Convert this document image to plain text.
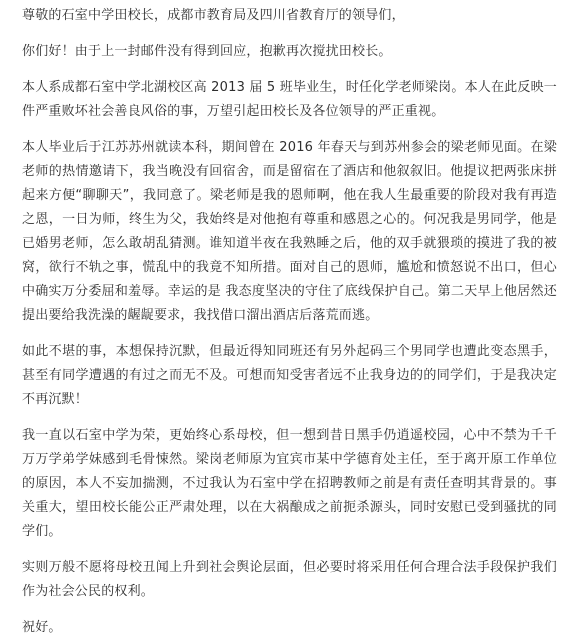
尊敬的石室中学田校长，成都市教育局及四川省教育厅的领导们，

你们好！由于上一封邮件没有得到回应，抱歉再次搅扰田校长。

本人系成都石室中学北湖校区高 2013 届 5 班毕业生，时任化学老师梁岗。本人在此反映一件严重败坏社会善良风俗的事，万望引起田校长及各位领导的严正重视。

本人毕业后于江苏苏州就读本科，期间曾在 2016 年春天与到苏州参会的梁老师见面。在梁老师的热情邀请下，我当晚没有回宿舍，而是留宿在了酒店和他叙叙旧。他提议把两张床拼起来方便“聊聊天”，我同意了。梁老师是我的恩师啊，他在我人生最重要的阶段对我有再造之恩，一日为师，终生为父，我始终是对他抱有尊重和感恩之心的。何况我是男同学，他是已婚男老师，怎么敢胡乱猜测。谁知道半夜在我熟睡之后，他的双手就猥琐的摸进了我的被窝，欲行不轨之事，慌乱中的我竟不知所措。面对自己的恩师，尴尬和愤怒说不出口，但心中确实万分委屈和羞辱。幸运的是 我态度坚决的守住了底线保护自己。第二天早上他居然还提出要给我洗澡的龌龊要求，我找借口溜出酒店后落荒而逃。

如此不堪的事，本想保持沉默，但最近得知同班还有另外起码三个男同学也遭此变态黑手，甚至有同学遭遇的有过之而无不及。可想而知受害者远不止我身边的的同学们，于是我决定不再沉默！

我一直以石室中学为荣，更始终心系母校，但一想到昔日黑手仍逍遥校园，心中不禁为千千万万学弟学妹感到毛骨悚然。梁岗老师原为宜宾市某中学德育处主任，至于离开原工作单位的原因，本人不妄加揣测，不过我认为石室中学在招聘教师之前是有责任查明其背景的。事关重大，望田校长能公正严肃处理，以在大祸酿成之前扼杀源头，同时安慰已受到骚扰的同学们。

实则万般不愿将母校丑闻上升到社会舆论层面，但必要时将采用任何合理合法手段保护我们作为社会公民的权利。

祝好。
